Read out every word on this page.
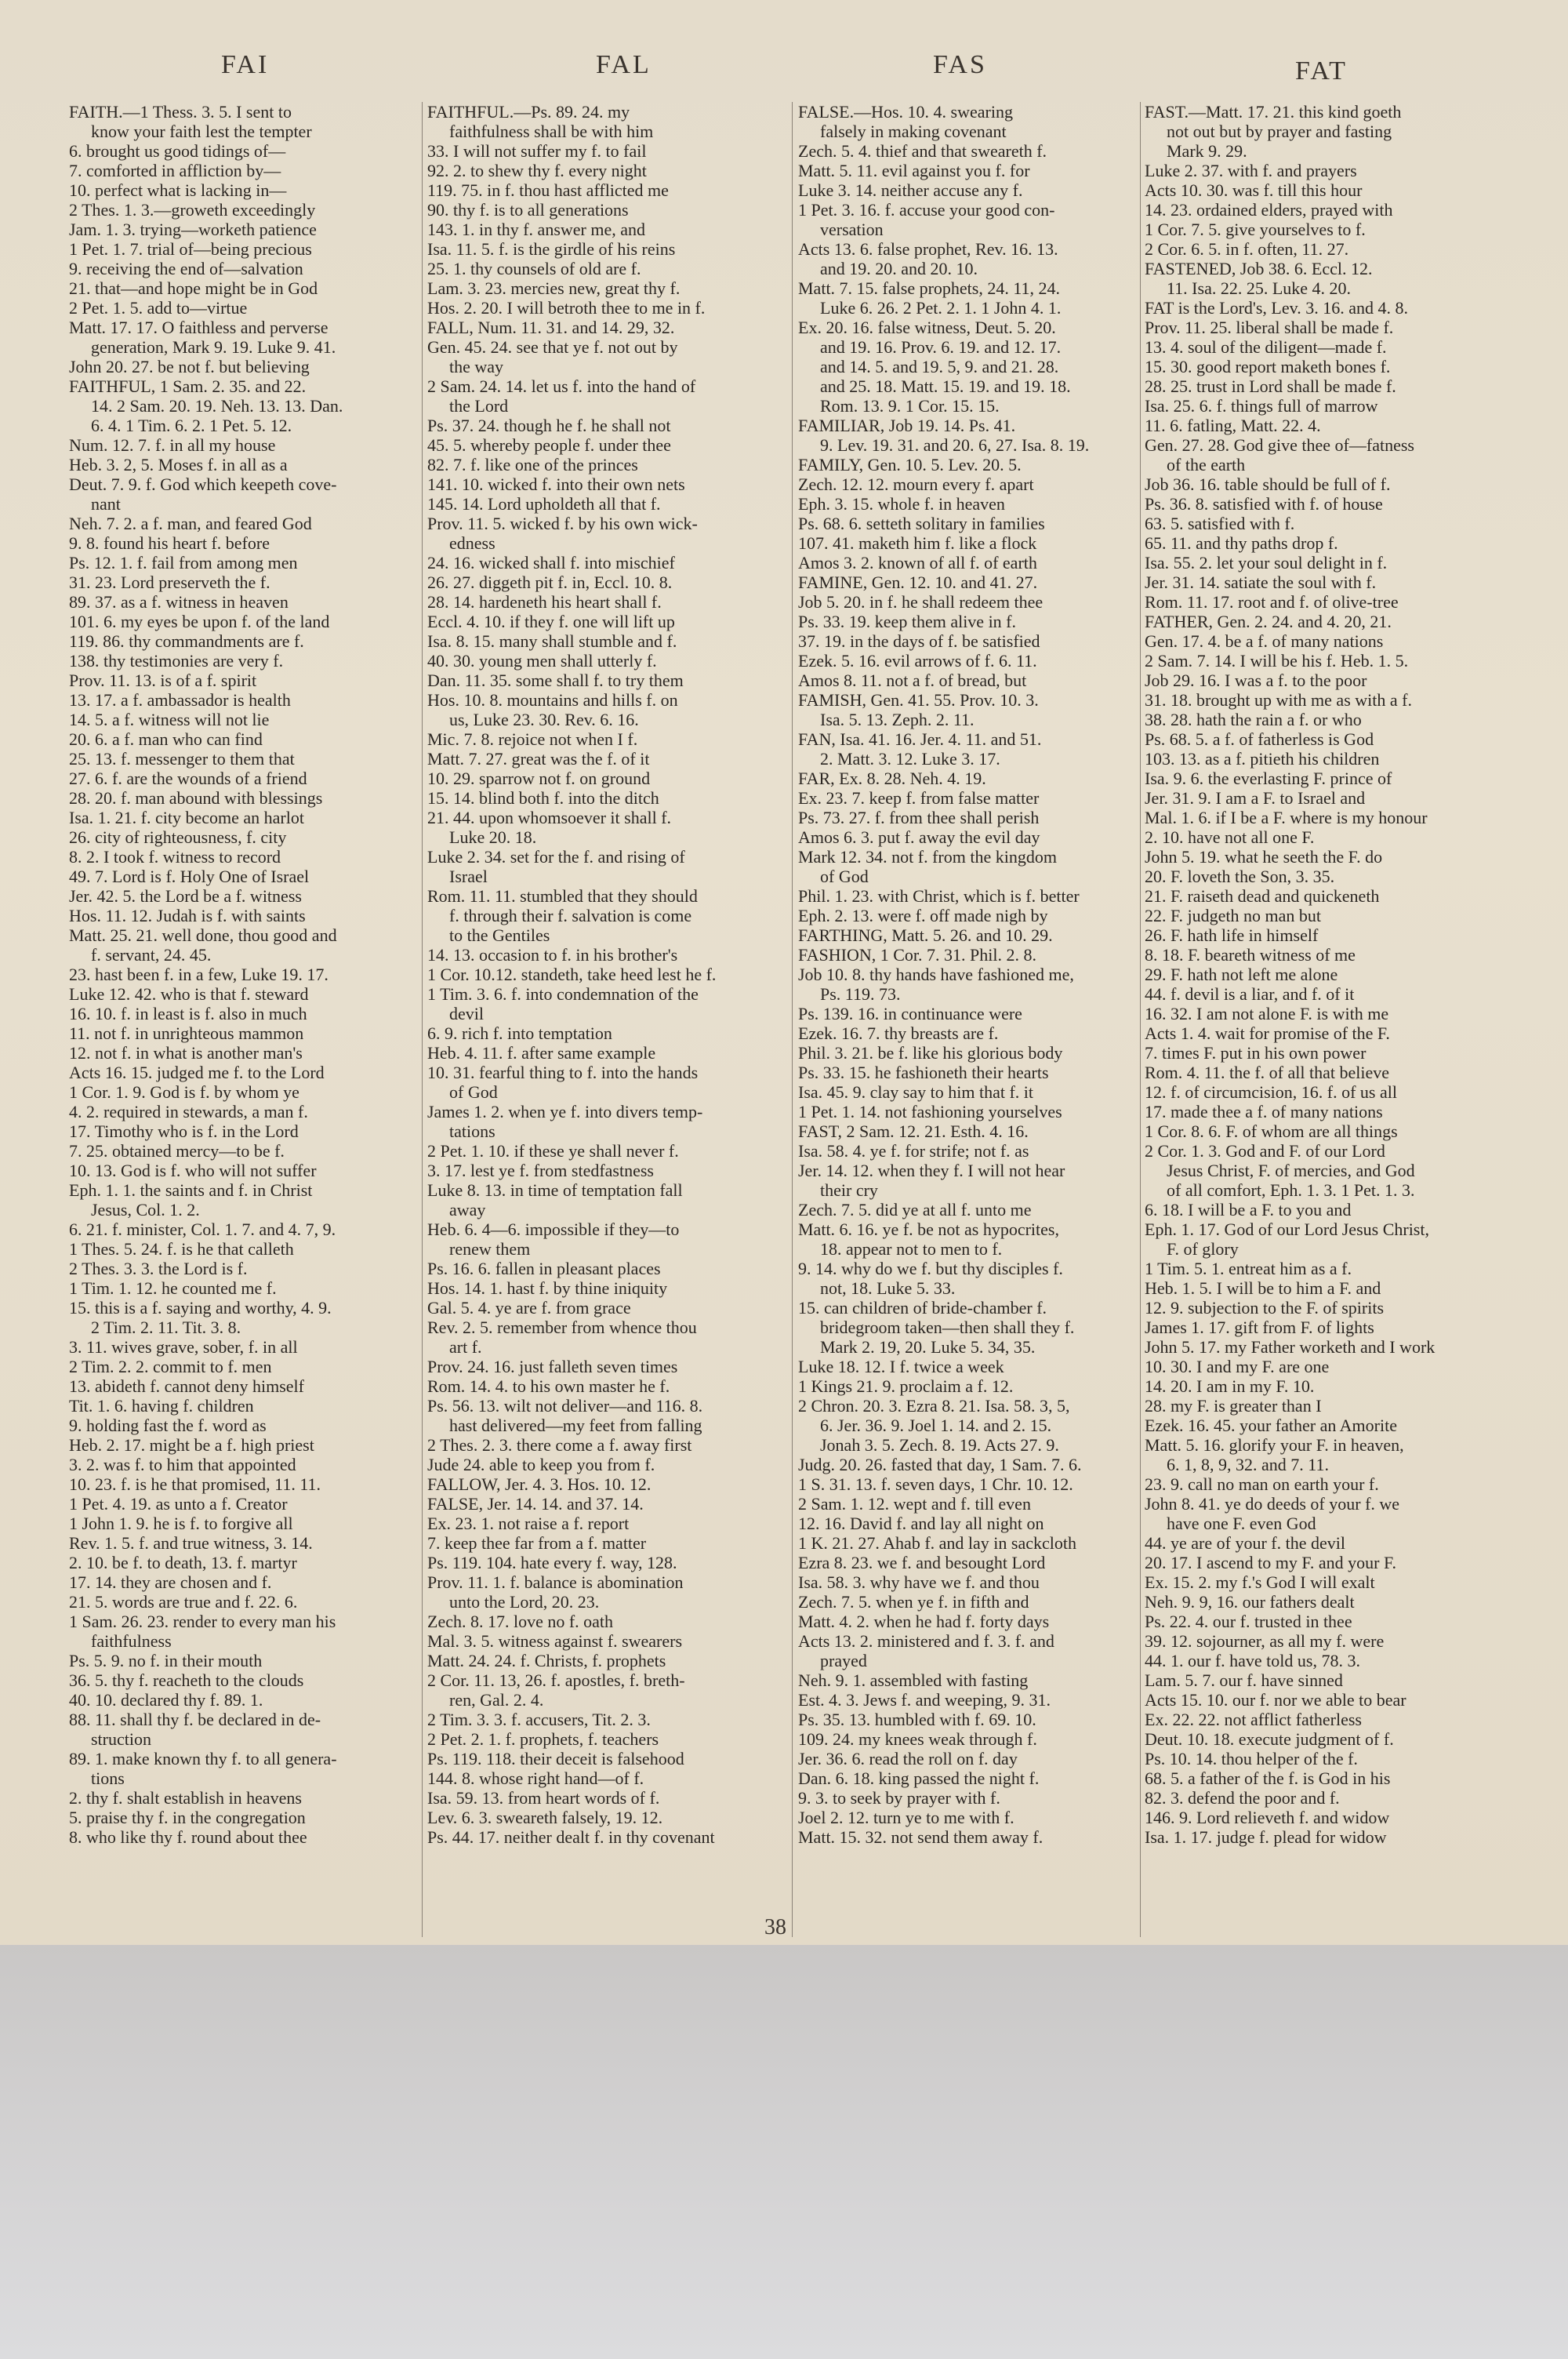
FAI	FAL	FAS	FAT
FAITH.—1 Thess. 3. 5. I sent to
know your faith lest the tempter
6. brought us good tidings of—
7. comforted in affliction by—
10. perfect what is lacking in—
2 Thes. 1. 3.—groweth exceedingly
Jam. 1. 3. trying—worketh patience
1 Pet. 1. 7. trial of—being precious
9. receiving the end of—salvation
21. that—and hope might be in God
2 Pet. 1. 5. add to—virtue
Matt. 17. 17. O faithless and perverse
generation, Mark 9. 19. Luke 9. 41.
John 20. 27. be not f. but believing
FAITHFUL, 1 Sam. 2. 35. and 22.
14. 2 Sam. 20. 19. Neh. 13. 13. Dan.
6. 4. 1 Tim. 6. 2. 1 Pet. 5. 12.
Num. 12. 7. f. in all my house
Heb. 3. 2, 5. Moses f. in all as a
Deut. 7. 9. f. God which keepeth cove-
nant
Neh. 7. 2. a f. man, and feared God
9. 8. found his heart f. before
Ps. 12. 1. f. fail from among men
31. 23. Lord preserveth the f.
89. 37. as a f. witness in heaven
101. 6. my eyes be upon f. of the land
119. 86. thy commandments are f.
138. thy testimonies are very f.
Prov. 11. 13. is of a f. spirit
13. 17. a f. ambassador is health
14. 5. a f. witness will not lie
20. 6. a f. man who can find
25. 13. f. messenger to them that
27. 6. f. are the wounds of a friend
28. 20. f. man abound with blessings
Isa. 1. 21. f. city become an harlot
26. city of righteousness, f. city
8. 2. I took f. witness to record
49. 7. Lord is f. Holy One of Israel
Jer. 42. 5. the Lord be a f. witness
Hos. 11. 12. Judah is f. with saints
Matt. 25. 21. well done, thou good and
f. servant, 24. 45.
23. hast been f. in a few, Luke 19. 17.
Luke 12. 42. who is that f. steward
16. 10. f. in least is f. also in much
11. not f. in unrighteous mammon
12. not f. in what is another man's
Acts 16. 15. judged me f. to the Lord
1 Cor. 1. 9. God is f. by whom ye
4. 2. required in stewards, a man f.
17. Timothy who is f. in the Lord
7. 25. obtained mercy—to be f.
10. 13. God is f. who will not suffer
Eph. 1. 1. the saints and f. in Christ
Jesus, Col. 1. 2.
6. 21. f. minister, Col. 1. 7. and 4. 7, 9.
1 Thes. 5. 24. f. is he that calleth
2 Thes. 3. 3. the Lord is f.
1 Tim. 1. 12. he counted me f.
15. this is a f. saying and worthy, 4. 9.
2 Tim. 2. 11. Tit. 3. 8.
3. 11. wives grave, sober, f. in all
2 Tim. 2. 2. commit to f. men
13. abideth f. cannot deny himself
Tit. 1. 6. having f. children
9. holding fast the f. word as
Heb. 2. 17. might be a f. high priest
3. 2. was f. to him that appointed
10. 23. f. is he that promised, 11. 11.
1 Pet. 4. 19. as unto a f. Creator
1 John 1. 9. he is f. to forgive all
Rev. 1. 5. f. and true witness, 3. 14.
2. 10. be f. to death, 13. f. martyr
17. 14. they are chosen and f.
21. 5. words are true and f. 22. 6.
1 Sam. 26. 23. render to every man his
faithfulness
Ps. 5. 9. no f. in their mouth
36. 5. thy f. reacheth to the clouds
40. 10. declared thy f. 89. 1.
88. 11. shall thy f. be declared in de-
struction
89. 1. make known thy f. to all genera-
tions
2. thy f. shalt establish in heavens
5. praise thy f. in the congregation
8. who like thy f. round about thee
FAITHFUL.—Ps. 89. 24. my
faithfulness shall be with him
33. I will not suffer my f. to fail
92. 2. to shew thy f. every night
119. 75. in f. thou hast afflicted me
90. thy f. is to all generations
143. 1. in thy f. answer me, and
Isa. 11. 5. f. is the girdle of his reins
25. 1. thy counsels of old are f.
Lam. 3. 23. mercies new, great thy f.
Hos. 2. 20. I will betroth thee to me in f.
FALL, Num. 11. 31. and 14. 29, 32.
Gen. 45. 24. see that ye f. not out by
the way
2 Sam. 24. 14. let us f. into the hand of
the Lord
Ps. 37. 24. though he f. he shall not
45. 5. whereby people f. under thee
82. 7. f. like one of the princes
141. 10. wicked f. into their own nets
145. 14. Lord upholdeth all that f.
Prov. 11. 5. wicked f. by his own wick-
edness
24. 16. wicked shall f. into mischief
26. 27. diggeth pit f. in, Eccl. 10. 8.
28. 14. hardeneth his heart shall f.
Eccl. 4. 10. if they f. one will lift up
Isa. 8. 15. many shall stumble and f.
40. 30. young men shall utterly f.
Dan. 11. 35. some shall f. to try them
Hos. 10. 8. mountains and hills f. on
us, Luke 23. 30. Rev. 6. 16.
Mic. 7. 8. rejoice not when I f.
Matt. 7. 27. great was the f. of it
10. 29. sparrow not f. on ground
15. 14. blind both f. into the ditch
21. 44. upon whomsoever it shall f.
Luke 20. 18.
Luke 2. 34. set for the f. and rising of
Israel
Rom. 11. 11. stumbled that they should
f. through their f. salvation is come
to the Gentiles
14. 13. occasion to f. in his brother's
1 Cor. 10.12. standeth, take heed lest he f.
1 Tim. 3. 6. f. into condemnation of the
devil
6. 9. rich f. into temptation
Heb. 4. 11. f. after same example
10. 31. fearful thing to f. into the hands
of God
James 1. 2. when ye f. into divers temp-
tations
2 Pet. 1. 10. if these ye shall never f.
3. 17. lest ye f. from stedfastness
Luke 8. 13. in time of temptation fall
away
Heb. 6. 4—6. impossible if they—to
renew them
Ps. 16. 6. fallen in pleasant places
Hos. 14. 1. hast f. by thine iniquity
Gal. 5. 4. ye are f. from grace
Rev. 2. 5. remember from whence thou
art f.
Prov. 24. 16. just falleth seven times
Rom. 14. 4. to his own master he f.
Ps. 56. 13. wilt not deliver—and 116. 8.
hast delivered—my feet from falling
2 Thes. 2. 3. there come a f. away first
Jude 24. able to keep you from f.
FALLOW, Jer. 4. 3. Hos. 10. 12.
FALSE, Jer. 14. 14. and 37. 14.
Ex. 23. 1. not raise a f. report
7. keep thee far from a f. matter
Ps. 119. 104. hate every f. way, 128.
Prov. 11. 1. f. balance is abomination
unto the Lord, 20. 23.
Zech. 8. 17. love no f. oath
Mal. 3. 5. witness against f. swearers
Matt. 24. 24. f. Christs, f. prophets
2 Cor. 11. 13, 26. f. apostles, f. breth-
ren, Gal. 2. 4.
2 Tim. 3. 3. f. accusers, Tit. 2. 3.
2 Pet. 2. 1. f. prophets, f. teachers
Ps. 119. 118. their deceit is falsehood
144. 8. whose right hand—of f.
Isa. 59. 13. from heart words of f.
Lev. 6. 3. sweareth falsely, 19. 12.
Ps. 44. 17. neither dealt f. in thy covenant
FALSE.—Hos. 10. 4. swearing
falsely in making covenant
Zech. 5. 4. thief and that sweareth f.
Matt. 5. 11. evil against you f. for
Luke 3. 14. neither accuse any f.
1 Pet. 3. 16. f. accuse your good con-
versation
Acts 13. 6. false prophet, Rev. 16. 13.
and 19. 20. and 20. 10.
Matt. 7. 15. false prophets, 24. 11, 24.
Luke 6. 26. 2 Pet. 2. 1. 1 John 4. 1.
Ex. 20. 16. false witness, Deut. 5. 20.
and 19. 16. Prov. 6. 19. and 12. 17.
and 14. 5. and 19. 5, 9. and 21. 28.
and 25. 18. Matt. 15. 19. and 19. 18.
Rom. 13. 9. 1 Cor. 15. 15.
FAMILIAR, Job 19. 14. Ps. 41.
9. Lev. 19. 31. and 20. 6, 27. Isa. 8. 19.
FAMILY, Gen. 10. 5. Lev. 20. 5.
Zech. 12. 12. mourn every f. apart
Eph. 3. 15. whole f. in heaven
Ps. 68. 6. setteth solitary in families
107. 41. maketh him f. like a flock
Amos 3. 2. known of all f. of earth
FAMINE, Gen. 12. 10. and 41. 27.
Job 5. 20. in f. he shall redeem thee
Ps. 33. 19. keep them alive in f.
37. 19. in the days of f. be satisfied
Ezek. 5. 16. evil arrows of f. 6. 11.
Amos 8. 11. not a f. of bread, but
FAMISH, Gen. 41. 55. Prov. 10. 3.
Isa. 5. 13. Zeph. 2. 11.
FAN, Isa. 41. 16. Jer. 4. 11. and 51.
2. Matt. 3. 12. Luke 3. 17.
FAR, Ex. 8. 28. Neh. 4. 19.
Ex. 23. 7. keep f. from false matter
Ps. 73. 27. f. from thee shall perish
Amos 6. 3. put f. away the evil day
Mark 12. 34. not f. from the kingdom
of God
Phil. 1. 23. with Christ, which is f. better
Eph. 2. 13. were f. off made nigh by
FARTHING, Matt. 5. 26. and 10. 29.
FASHION, 1 Cor. 7. 31. Phil. 2. 8.
Job 10. 8. thy hands have fashioned me,
Ps. 119. 73.
Ps. 139. 16. in continuance were
Ezek. 16. 7. thy breasts are f.
Phil. 3. 21. be f. like his glorious body
Ps. 33. 15. he fashioneth their hearts
Isa. 45. 9. clay say to him that f. it
1 Pet. 1. 14. not fashioning yourselves
FAST, 2 Sam. 12. 21. Esth. 4. 16.
Isa. 58. 4. ye f. for strife; not f. as
Jer. 14. 12. when they f. I will not hear
their cry
Zech. 7. 5. did ye at all f. unto me
Matt. 6. 16. ye f. be not as hypocrites,
18. appear not to men to f.
9. 14. why do we f. but thy disciples f.
not, 18. Luke 5. 33.
15. can children of bride-chamber f.
bridegroom taken—then shall they f.
Mark 2. 19, 20. Luke 5. 34, 35.
Luke 18. 12. I f. twice a week
1 Kings 21. 9. proclaim a f. 12.
2 Chron. 20. 3. Ezra 8. 21. Isa. 58. 3, 5,
6. Jer. 36. 9. Joel 1. 14. and 2. 15.
Jonah 3. 5. Zech. 8. 19. Acts 27. 9.
Judg. 20. 26. fasted that day, 1 Sam. 7. 6.
1 S. 31. 13. f. seven days, 1 Chr. 10. 12.
2 Sam. 1. 12. wept and f. till even
12. 16. David f. and lay all night on
1 K. 21. 27. Ahab f. and lay in sackcloth
Ezra 8. 23. we f. and besought Lord
Isa. 58. 3. why have we f. and thou
Zech. 7. 5. when ye f. in fifth and
Matt. 4. 2. when he had f. forty days
Acts 13. 2. ministered and f. 3. f. and
prayed
Neh. 9. 1. assembled with fasting
Est. 4. 3. Jews f. and weeping, 9. 31.
Ps. 35. 13. humbled with f. 69. 10.
109. 24. my knees weak through f.
Jer. 36. 6. read the roll on f. day
Dan. 6. 18. king passed the night f.
9. 3. to seek by prayer with f.
Joel 2. 12. turn ye to me with f.
Matt. 15. 32. not send them away f.
FAST.—Matt. 17. 21. this kind goeth
not out but by prayer and fasting
Mark 9. 29.
Luke 2. 37. with f. and prayers
Acts 10. 30. was f. till this hour
14. 23. ordained elders, prayed with
1 Cor. 7. 5. give yourselves to f.
2 Cor. 6. 5. in f. often, 11. 27.
FASTENED, Job 38. 6. Eccl. 12.
11. Isa. 22. 25. Luke 4. 20.
FAT is the Lord's, Lev. 3. 16. and 4. 8.
Prov. 11. 25. liberal shall be made f.
13. 4. soul of the diligent—made f.
15. 30. good report maketh bones f.
28. 25. trust in Lord shall be made f.
Isa. 25. 6. f. things full of marrow
11. 6. fatling, Matt. 22. 4.
Gen. 27. 28. God give thee of—fatness
of the earth
Job 36. 16. table should be full of f.
Ps. 36. 8. satisfied with f. of house
63. 5. satisfied with f.
65. 11. and thy paths drop f.
Isa. 55. 2. let your soul delight in f.
Jer. 31. 14. satiate the soul with f.
Rom. 11. 17. root and f. of olive-tree
FATHER, Gen. 2. 24. and 4. 20, 21.
Gen. 17. 4. be a f. of many nations
2 Sam. 7. 14. I will be his f. Heb. 1. 5.
Job 29. 16. I was a f. to the poor
31. 18. brought up with me as with a f.
38. 28. hath the rain a f. or who
Ps. 68. 5. a f. of fatherless is God
103. 13. as a f. pitieth his children
Isa. 9. 6. the everlasting F. prince of
Jer. 31. 9. I am a F. to Israel and
Mal. 1. 6. if I be a F. where is my honour
2. 10. have not all one F.
John 5. 19. what he seeth the F. do
20. F. loveth the Son, 3. 35.
21. F. raiseth dead and quickeneth
22. F. judgeth no man but
26. F. hath life in himself
8. 18. F. beareth witness of me
29. F. hath not left me alone
44. f. devil is a liar, and f. of it
16. 32. I am not alone F. is with me
Acts 1. 4. wait for promise of the F.
7. times F. put in his own power
Rom. 4. 11. the f. of all that believe
12. f. of circumcision, 16. f. of us all
17. made thee a f. of many nations
1 Cor. 8. 6. F. of whom are all things
2 Cor. 1. 3. God and F. of our Lord
Jesus Christ, F. of mercies, and God
of all comfort, Eph. 1. 3. 1 Pet. 1. 3.
6. 18. I will be a F. to you and
Eph. 1. 17. God of our Lord Jesus Christ,
F. of glory
1 Tim. 5. 1. entreat him as a f.
Heb. 1. 5. I will be to him a F. and
12. 9. subjection to the F. of spirits
James 1. 17. gift from F. of lights
John 5. 17. my Father worketh and I work
10. 30. I and my F. are one
14. 20. I am in my F. 10.
28. my F. is greater than I
Ezek. 16. 45. your father an Amorite
Matt. 5. 16. glorify your F. in heaven,
6. 1, 8, 9, 32. and 7. 11.
23. 9. call no man on earth your f.
John 8. 41. ye do deeds of your f. we
have one F. even God
44. ye are of your f. the devil
20. 17. I ascend to my F. and your F.
Ex. 15. 2. my f.'s God I will exalt
Neh. 9. 9, 16. our fathers dealt
Ps. 22. 4. our f. trusted in thee
39. 12. sojourner, as all my f. were
44. 1. our f. have told us, 78. 3.
Lam. 5. 7. our f. have sinned
Acts 15. 10. our f. nor we able to bear
Ex. 22. 22. not afflict fatherless
Deut. 10. 18. execute judgment of f.
Ps. 10. 14. thou helper of the f.
68. 5. a father of the f. is God in his
82. 3. defend the poor and f.
146. 9. Lord relieveth f. and widow
Isa. 1. 17. judge f. plead for widow
38
